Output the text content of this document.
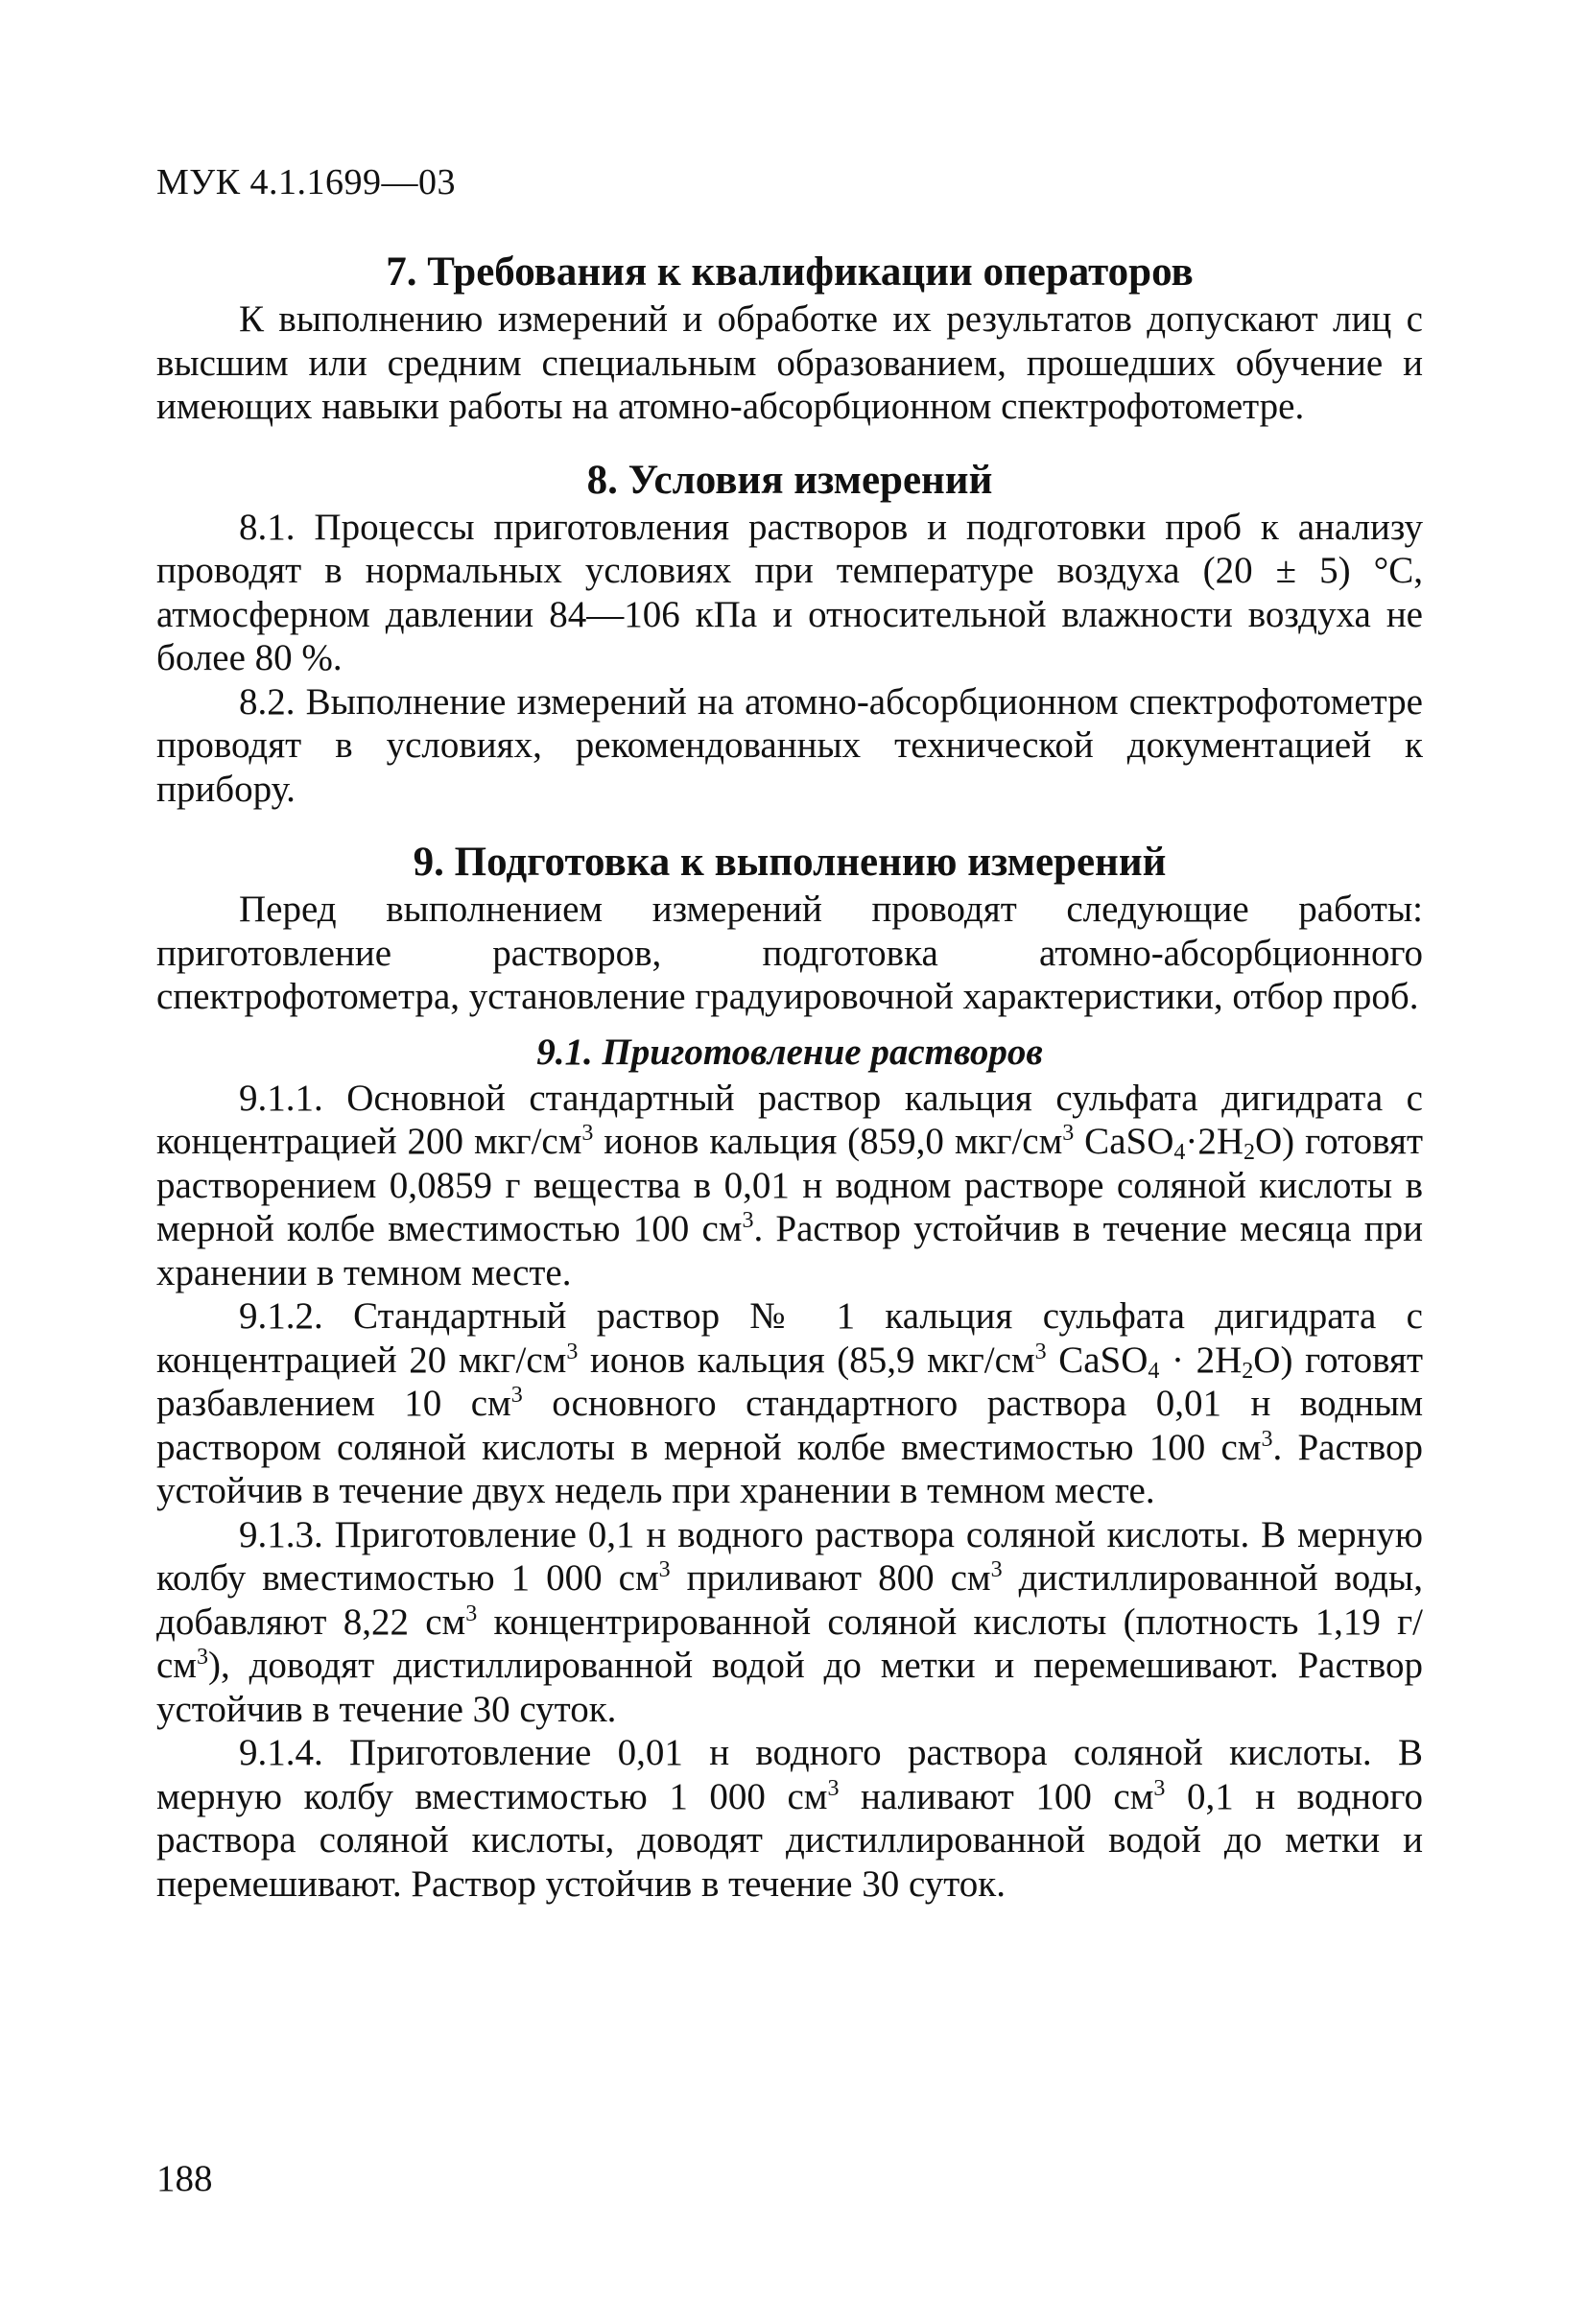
МУК 4.1.1699—03
7. Требования к квалификации операторов

К выполнению измерений и обработке их результатов допускают лиц с высшим или средним специальным образованием, прошедших обучение и имеющих навыки работы на атомно-абсорбционном спектрофотометре.

8. Условия измерений

8.1. Процессы приготовления растворов и подготовки проб к анализу проводят в нормальных условиях при температуре воздуха (20 ± 5) °С, атмосферном давлении 84—106 кПа и относительной влажности воздуха не более 80 %.

8.2. Выполнение измерений на атомно-абсорбционном спектрофотометре проводят в условиях, рекомендованных технической документацией к прибору.

9. Подготовка к выполнению измерений

Перед выполнением измерений проводят следующие работы: приготовление растворов, подготовка атомно-абсорбционного спектрофотометра, установление градуировочной характеристики, отбор проб.

9.1. Приготовление растворов

9.1.1. Основной стандартный раствор кальция сульфата дигидрата с концентрацией 200 мкг/$см^3$ ионов кальция (859,0 мкг/$см^3$ $CaSO_4\cdot 2H_2O$) готовят растворением 0,0859 г вещества в 0,01 н водном растворе соляной кислоты в мерной колбе вместимостью 100 $см^3$. Раствор устойчив в течение месяца при хранении в темном месте.

9.1.2. Стандартный раствор № 1 кальция сульфата дигидрата с концентрацией 20 мкг/$см^3$ ионов кальция (85,9 мкг/$см^3$ CaSO$_4$ · $2H_2O$) готовят разбавлением 10 $см^3$ основного стандартного раствора 0,01 н водным раствором соляной кислоты в мерной колбе вместимостью 100 $см^3$. Раствор устойчив в течение двух недель при хранении в темном месте.

9.1.3. Приготовление 0,1 н водного раствора соляной кислоты. В мерную колбу вместимостью 1 000 $см^3$ приливают 800 $см^3$ дистиллированной воды, добавляют 8,22 $см^3$ концентрированной соляной кислоты (плотность 1,19 $г/см^3$), доводят дистиллированной водой до метки и перемешивают. Раствор устойчив в течение 30 суток.

9.1.4. Приготовление 0,01 н водного раствора соляной кислоты. В мерную колбу вместимостью 1 000 $см^3$ наливают 100 $см^3$ 0,1 н водного раствора соляной кислоты, доводят дистиллированной водой до метки и перемешивают. Раствор устойчив в течение 30 суток.

188
